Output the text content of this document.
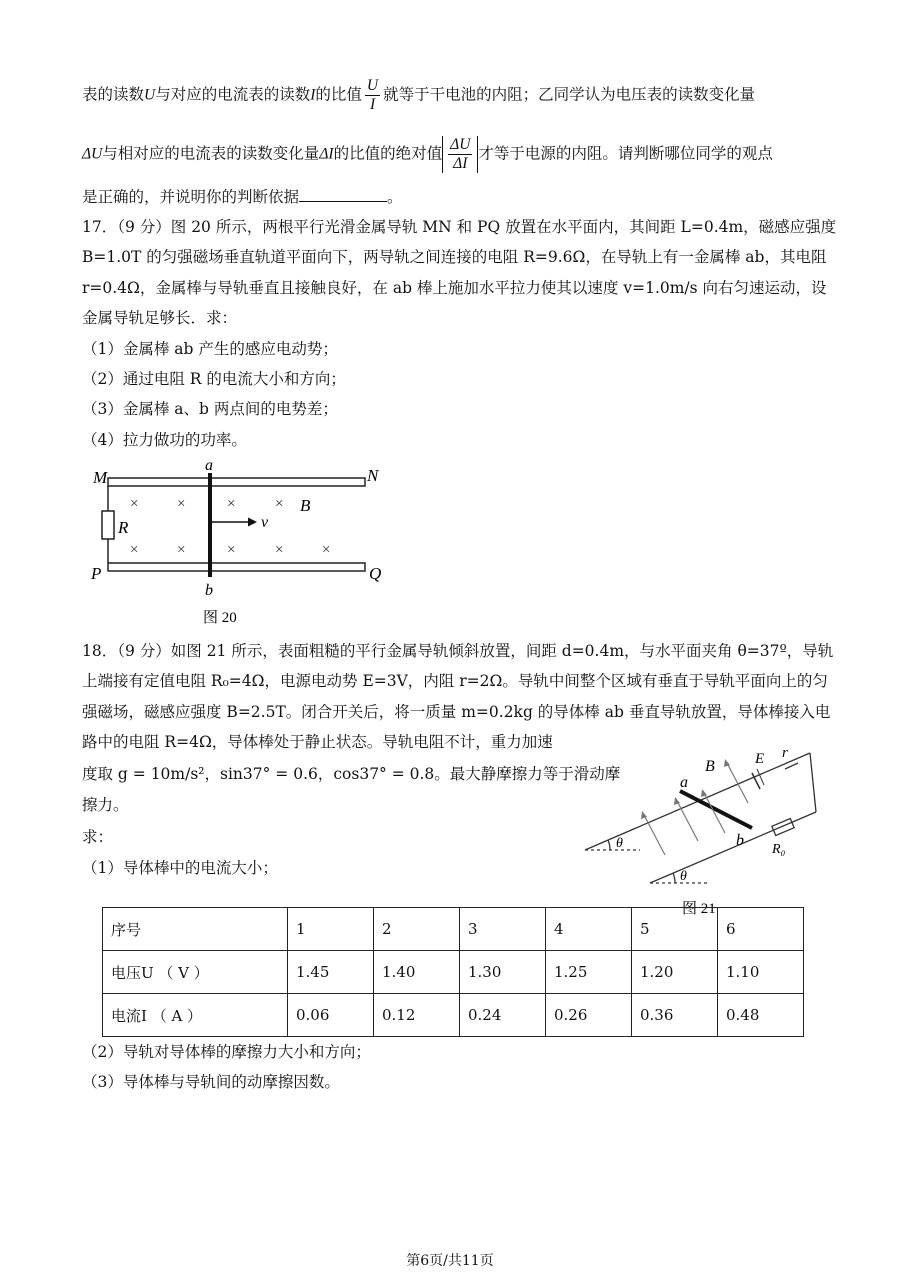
表的读数U与对应的电流表的读数I的比值 $\frac{U}{I}$ 就等于干电池的内阻；乙同学认为电压表的读数变化量
ΔU与相对应的电流表的读数变化量ΔI的比值的绝对值 $\frac{\Delta U}{\Delta I}$ 才等于电源的内阻。请判断哪位同学的观点
是正确的，并说明你的判断依据	。
17．（9 分）图 20 所示，两根平行光滑金属导轨 MN 和 PQ 放置在水平面内，其间距 L=0.4m，磁感应强度
B=1.0T 的匀强磁场垂直轨道平面向下，两导轨之间连接的电阻 R=9.6Ω，在导轨上有一金属棒 ab，其电阻
r=0.4Ω，金属棒与导轨垂直且接触良好，在 ab 棒上施加水平拉力使其以速度 v=1.0m/s 向右匀速运动，设
金属导轨足够长．求：
（1）金属棒 ab 产生的感应电动势；
（2）通过电阻 R 的电流大小和方向；
（3）金属棒 a、b 两点间的电势差；
（4）拉力做功的功率。
M	N
P	Q
a
b
R	v
B
×	×	×	×
×	×	×	×	×
图 20
18．（9 分）如图 21 所示，表面粗糙的平行金属导轨倾斜放置，间距 d=0.4m，与水平面夹角 θ=37º，导轨
上端接有定值电阻 R₀=4Ω，电源电动势 E=3V，内阻 r=2Ω。导轨中间整个区域有垂直于导轨平面向上的匀
强磁场，磁感应强度 B=2.5T。闭合开关后，将一质量 m=0.2kg 的导体棒 ab 垂直导轨放置，导体棒接入电
路中的电阻 R=4Ω，导体棒处于静止状态。导轨电阻不计，重力加速
度取 g = 10m/s²，sin37° = 0.6，cos37° = 0.8。最大静摩擦力等于滑动摩
擦力。
求：
（1）导体棒中的电流大小；
a
b
B	E r
R₀
θ
θ
图 21
序号	1	2	3	4	5	6
电压U （ V ）	1.45	1.40	1.30	1.25	1.20	1.10
电流I （ A ）	0.06	0.12	0.24	0.26	0.36	0.48
（2）导轨对导体棒的摩擦力大小和方向；
（3）导体棒与导轨间的动摩擦因数。
第6页/共11页
